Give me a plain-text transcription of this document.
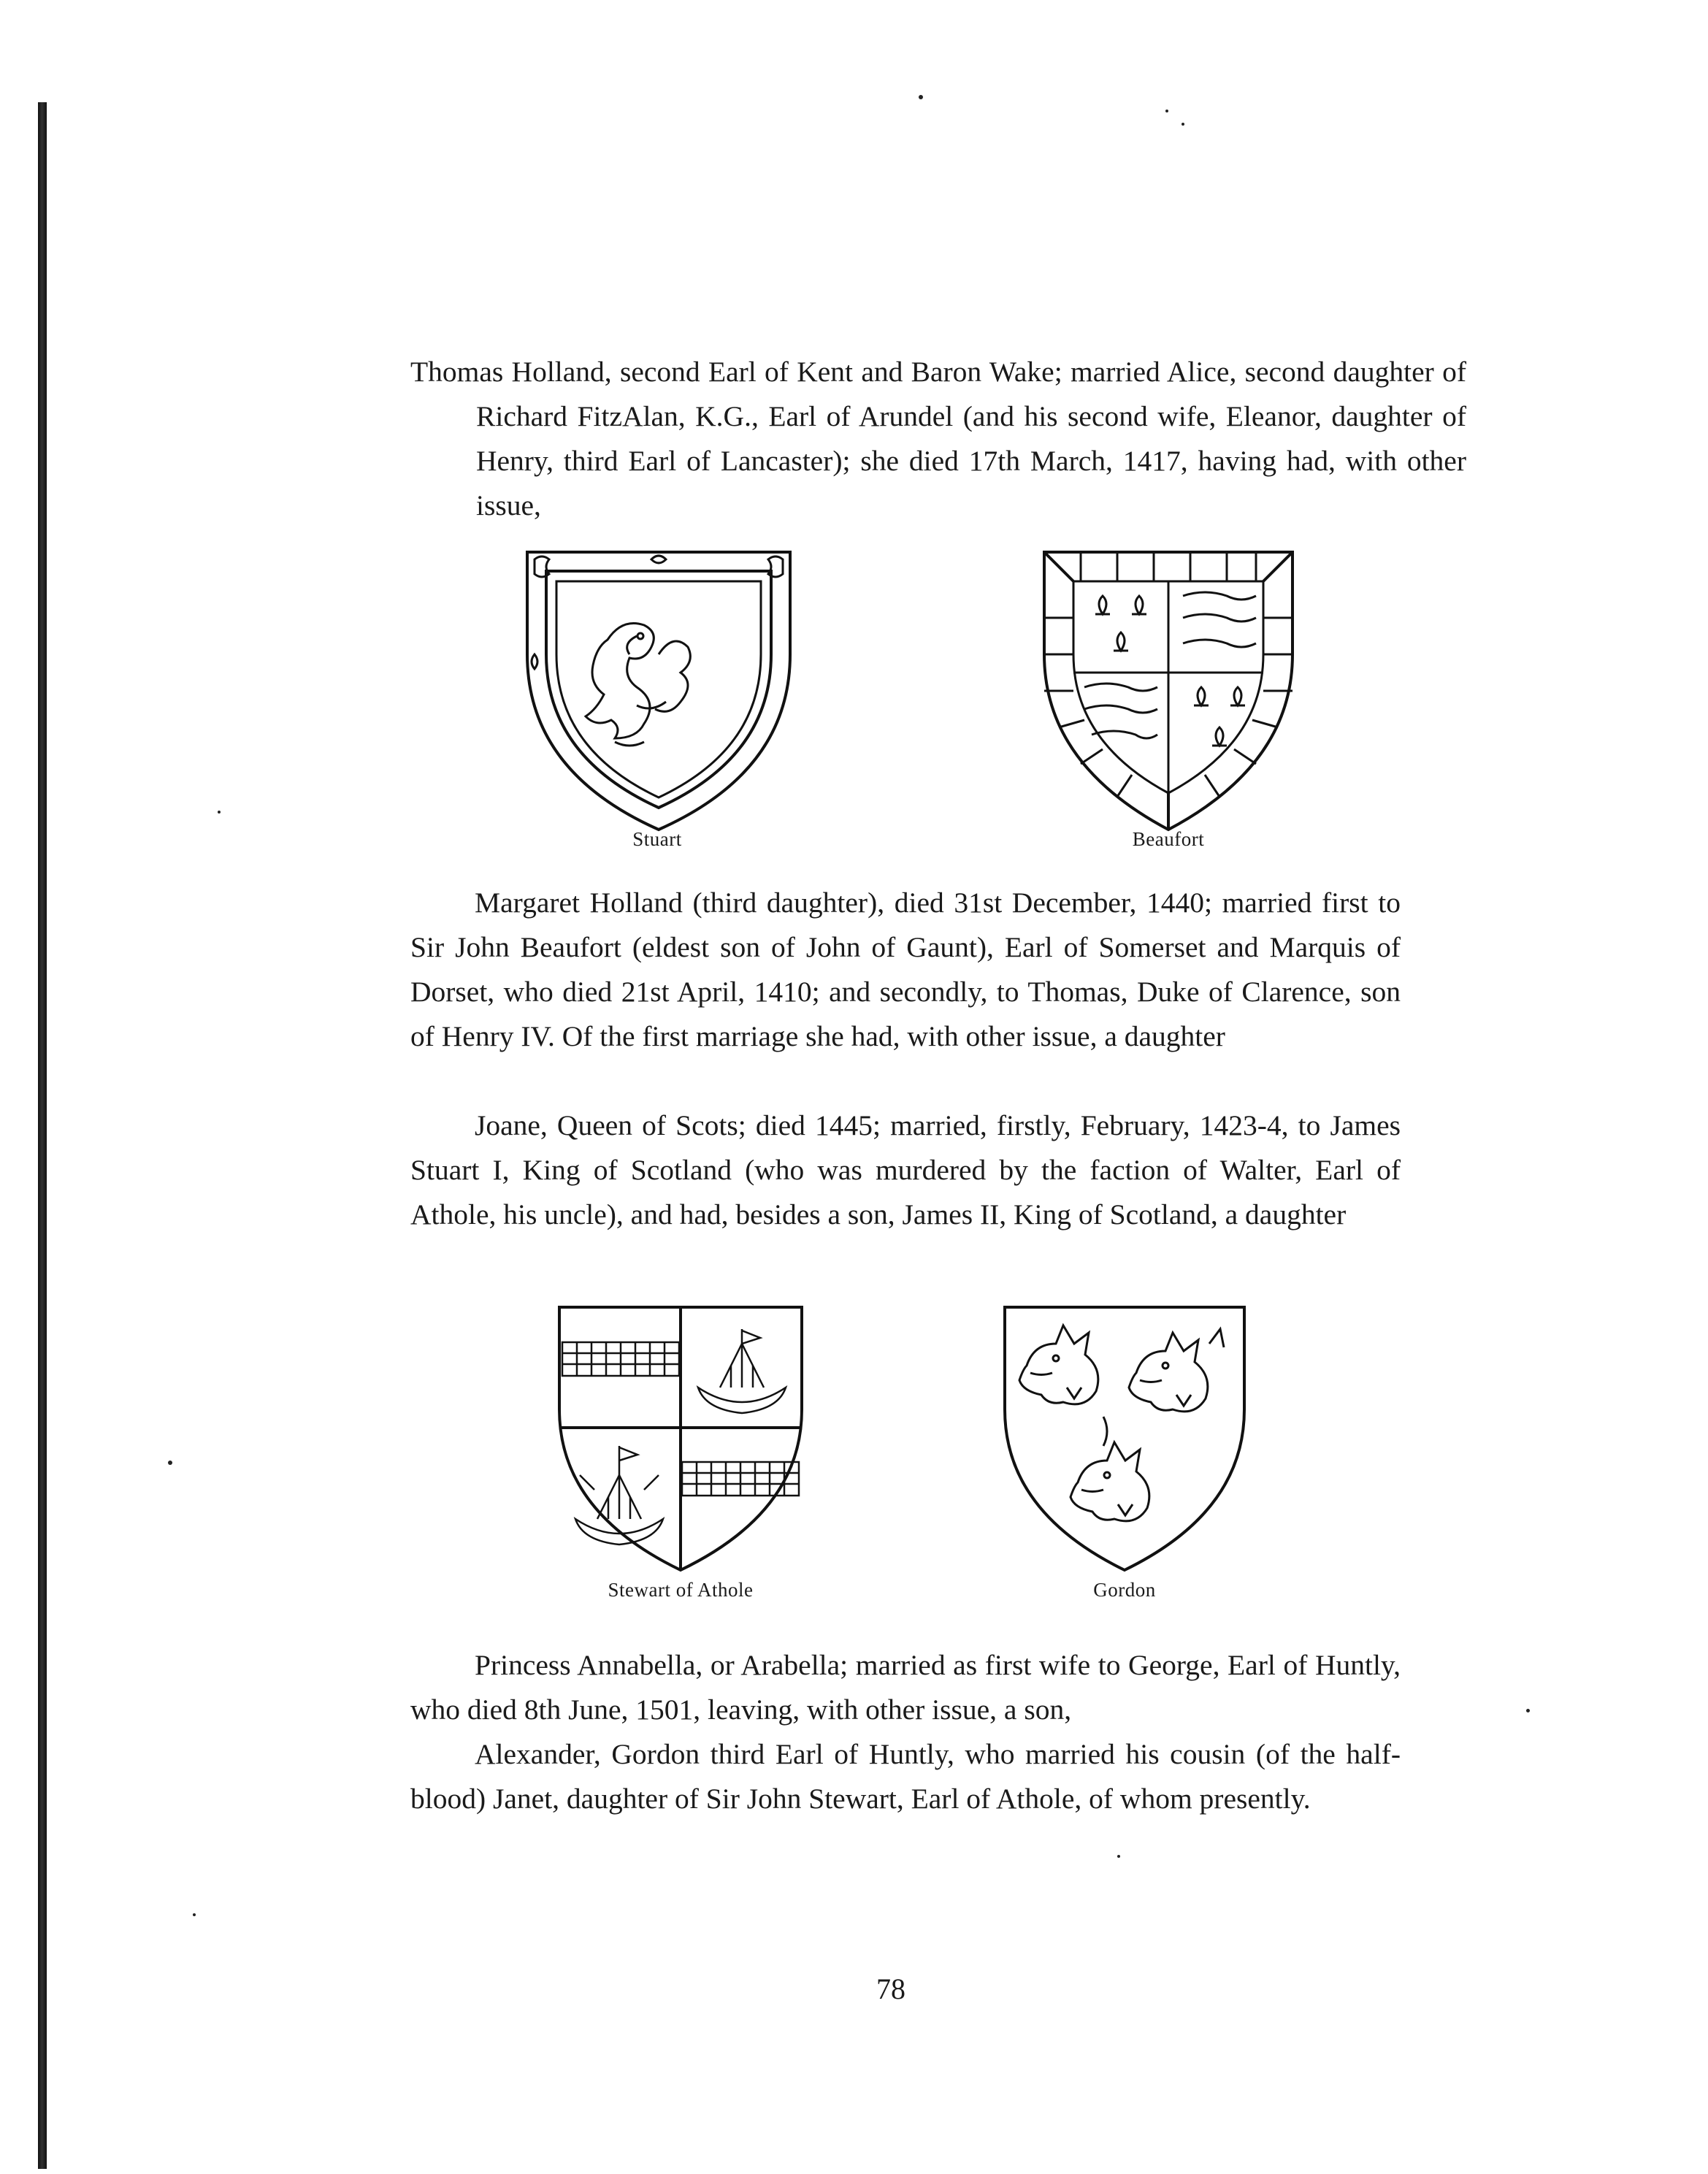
Thomas Holland, second Earl of Kent and Baron Wake; married Alice, second daughter of Richard FitzAlan, K.G., Earl of Arundel (and his second wife, Eleanor, daughter of Henry, third Earl of Lancaster); she died 17th March, 1417, having had, with other issue,

Stuart	Beaufort

Margaret Holland (third daughter), died 31st December, 1440; married first to Sir John Beaufort (eldest son of John of Gaunt), Earl of Somerset and Marquis of Dorset, who died 21st April, 1410; and secondly, to Thomas, Duke of Clarence, son of Henry IV. Of the first marriage she had, with other issue, a daughter

Joane, Queen of Scots; died 1445; married, firstly, February, 1423-4, to James Stuart I, King of Scotland (who was murdered by the faction of Walter, Earl of Athole, his uncle), and had, besides a son, James II, King of Scotland, a daughter

Stewart of Athole	Gordon

Princess Annabella, or Arabella; married as first wife to George, Earl of Huntly, who died 8th June, 1501, leaving, with other issue, a son,

Alexander, Gordon third Earl of Huntly, who married his cousin (of the half-blood) Janet, daughter of Sir John Stewart, Earl of Athole, of whom presently.

78
